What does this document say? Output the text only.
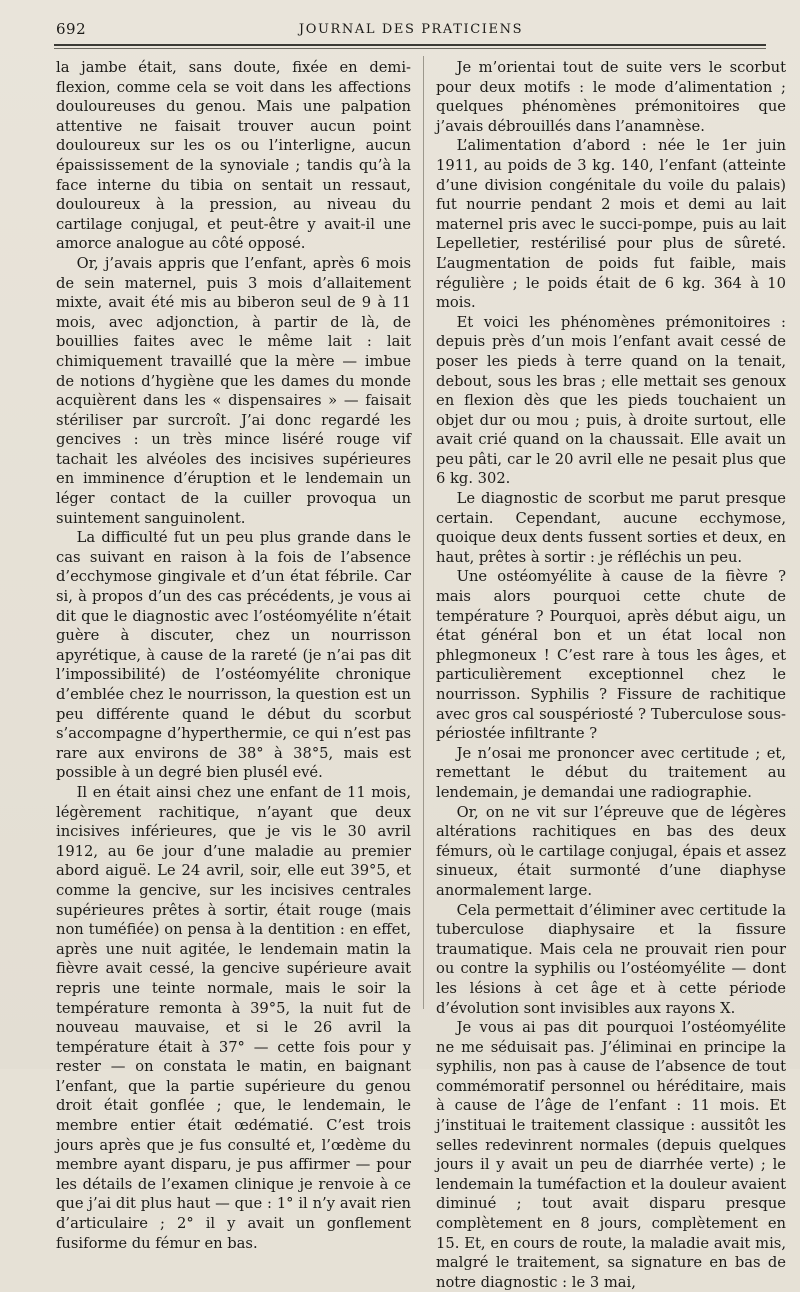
692	JOURNAL DES PRATICIENS

la jambe était, sans doute, fixée en demi-flexion, comme cela se voit dans les affections douloureuses du genou. Mais une palpation attentive ne faisait trouver aucun point douloureux sur les os ou l’interligne, aucun épaississement de la synoviale ; tandis qu’à la face interne du tibia on sentait un ressaut, douloureux à la pression, au niveau du cartilage conjugal, et peut-être y avait-il une amorce analogue au côté opposé.

Or, j’avais appris que l’enfant, après 6 mois de sein maternel, puis 3 mois d’allaitement mixte, avait été mis au biberon seul de 9 à 11 mois, avec adjonction, à partir de là, de bouillies faites avec le même lait : lait chimiquement travaillé que la mère — imbue de notions d’hygiène que les dames du monde acquièrent dans les « dispensaires » — faisait stériliser par surcroît. J’ai donc regardé les gencives : un très mince liséré rouge vif tachait les alvéoles des incisives supérieures en imminence d’éruption et le lendemain un léger contact de la cuiller provoqua un suintement sanguinolent.

La difficulté fut un peu plus grande dans le cas suivant en raison à la fois de l’absence d’ecchymose gingivale et d’un état fébrile. Car si, à propos d’un des cas précédents, je vous ai dit que le diagnostic avec l’ostéomyélite n’était guère à discuter, chez un nourrisson apyrétique, à cause de la rareté (je n’ai pas dit l’impossibilité) de l’ostéomyélite chronique d’emblée chez le nourrisson, la question est un peu différente quand le début du scorbut s’accompagne d’hyperthermie, ce qui n’est pas rare aux environs de 38° à 38°5, mais est possible à un degré bien plusél evé.

Il en était ainsi chez une enfant de 11 mois, légèrement rachitique, n’ayant que deux incisives inférieures, que je vis le 30 avril 1912, au 6e jour d’une maladie au premier abord aiguë. Le 24 avril, soir, elle eut 39°5, et comme la gencive, sur les incisives centrales supérieures prêtes à sortir, était rouge (mais non tuméfiée) on pensa à la dentition : en effet, après une nuit agitée, le lendemain matin la fièvre avait cessé, la gencive supérieure avait repris une teinte normale, mais le soir la température remonta à 39°5, la nuit fut de nouveau mauvaise, et si le 26 avril la température était à 37° — cette fois pour y rester — on constata le matin, en baignant l’enfant, que la partie supérieure du genou droit était gonflée ; que, le lendemain, le membre entier était œdématié. C’est trois jours après que je fus consulté et, l’œdème du membre ayant disparu, je pus affirmer — pour les détails de l’examen clinique je renvoie à ce que j’ai dit plus haut — que : 1° il n’y avait rien d’articulaire ; 2° il y avait un gonflement fusiforme du fémur en bas.

Je m’orientai tout de suite vers le scorbut pour deux motifs : le mode d’alimentation ; quelques phénomènes prémonitoires que j’avais débrouillés dans l’anamnèse.

L’alimentation d’abord : née le 1er juin 1911, au poids de 3 kg. 140, l’enfant (atteinte d’une division congénitale du voile du palais) fut nourrie pendant 2 mois et demi au lait maternel pris avec le succi-pompe, puis au lait Lepelletier, restérilisé pour plus de sûreté. L’augmentation de poids fut faible, mais régulière ; le poids était de 6 kg. 364 à 10 mois.

Et voici les phénomènes prémonitoires : depuis près d’un mois l’enfant avait cessé de poser les pieds à terre quand on la tenait, debout, sous les bras ; elle mettait ses genoux en flexion dès que les pieds touchaient un objet dur ou mou ; puis, à droite surtout, elle avait crié quand on la chaussait. Elle avait un peu pâti, car le 20 avril elle ne pesait plus que 6 kg. 302.

Le diagnostic de scorbut me parut presque certain. Cependant, aucune ecchymose, quoique deux dents fussent sorties et deux, en haut, prêtes à sortir : je réfléchis un peu.

Une ostéomyélite à cause de la fièvre ? mais alors pourquoi cette chute de température ? Pourquoi, après début aigu, un état général bon et un état local non phlegmoneux ! C’est rare à tous les âges, et particulièrement exceptionnel chez le nourrisson. Syphilis ? Fissure de rachitique avec gros cal souspériosté ? Tuberculose sous-périostée infiltrante ?

Je n’osai me prononcer avec certitude ; et, remettant le début du traitement au lendemain, je demandai une radiographie.

Or, on ne vit sur l’épreuve que de légères altérations rachitiques en bas des deux fémurs, où le cartilage conjugal, épais et assez sinueux, était surmonté d’une diaphyse anormalement large.

Cela permettait d’éliminer avec certitude la tuberculose diaphysaire et la fissure traumatique. Mais cela ne prouvait rien pour ou contre la syphilis ou l’ostéomyélite — dont les lésions à cet âge et à cette période d’évolution sont invisibles aux rayons X.

Je vous ai pas dit pourquoi l’ostéomyélite ne me séduisait pas. J’éliminai en principe la syphilis, non pas à cause de l’absence de tout commémoratif personnel ou héréditaire, mais à cause de l’âge de l’enfant : 11 mois. Et j’instituai le traitement classique : aussitôt les selles redevinrent normales (depuis quelques jours il y avait un peu de diarrhée verte) ; le lendemain la tuméfaction et la douleur avaient diminué ; tout avait disparu presque complètement en 8 jours, complètement en 15. Et, en cours de route, la maladie avait mis, malgré le traitement, sa signature en bas de notre diagnostic : le 3 mai,
